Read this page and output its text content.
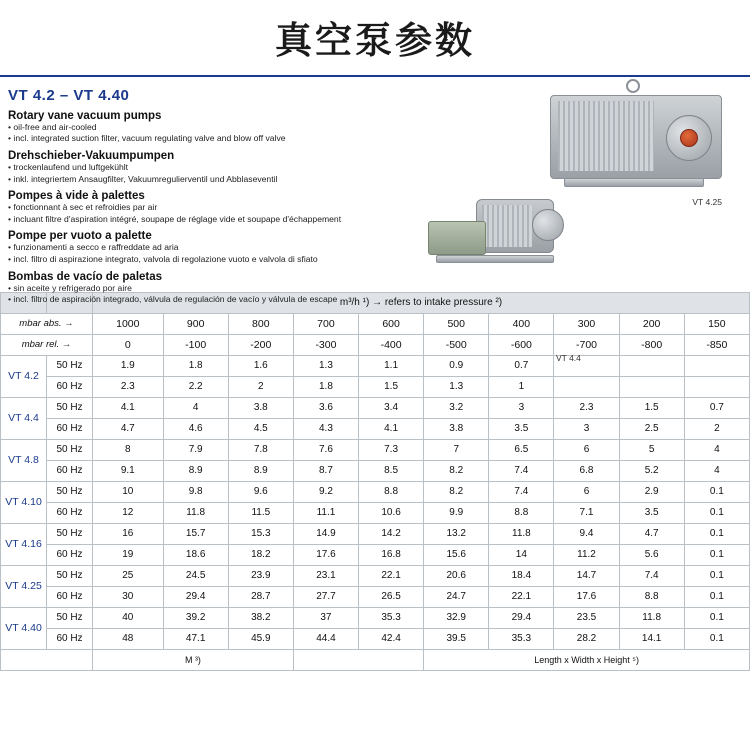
真空泵参数
VT 4.2 – VT 4.40
Rotary vane vacuum pumps
• oil-free and air-cooled
• incl. integrated suction filter, vacuum regulating valve and blow off valve
Drehschieber-Vakuumpumpen
• trockenlaufend und luftgekühlt
• inkl. integriertem Ansaugfilter, Vakuumregulierventil und Abblaseventil
Pompes à vide à palettes
• fonctionnant à sec et refroidies par air
• incluant filtre d'aspiration intégré, soupape de réglage vide et soupape d'échappement
Pompe per vuoto a palette
• funzionamenti a secco e raffreddate ad aria
• incl. filtro di aspirazione integrato, valvola di regolazione vuoto e valvola di sfiato
Bombas de vacío de paletas
• sin aceite y refrigerado por aire
• incl. filtro de aspiración integrado, válvula de regulación de vacío y válvula de escape
VT 4.25
VT 4.4
		m³/h ¹) → refers to intake pressure ²)									
mbar abs. →		1000	900	800	700	600	500	400	300	200	150
mbar rel. →		0	-100	-200	-300	-400	-500	-600	-700	-800	-850
VT 4.2	50 Hz	1.9	1.8	1.6	1.3	1.1	0.9	0.7			
	60 Hz	2.3	2.2	2	1.8	1.5	1.3	1			
VT 4.4	50 Hz	4.1	4	3.8	3.6	3.4	3.2	3	2.3	1.5	0.7
	60 Hz	4.7	4.6	4.5	4.3	4.1	3.8	3.5	3	2.5	2
VT 4.8	50 Hz	8	7.9	7.8	7.6	7.3	7	6.5	6	5	4
	60 Hz	9.1	8.9	8.9	8.7	8.5	8.2	7.4	6.8	5.2	4
VT 4.10	50 Hz	10	9.8	9.6	9.2	8.8	8.2	7.4	6	2.9	0.1
	60 Hz	12	11.8	11.5	11.1	10.6	9.9	8.8	7.1	3.5	0.1
VT 4.16	50 Hz	16	15.7	15.3	14.9	14.2	13.2	11.8	9.4	4.7	0.1
	60 Hz	19	18.6	18.2	17.6	16.8	15.6	14	11.2	5.6	0.1
VT 4.25	50 Hz	25	24.5	23.9	23.1	22.1	20.6	18.4	14.7	7.4	0.1
	60 Hz	30	29.4	28.7	27.7	26.5	24.7	22.1	17.6	8.8	0.1
VT 4.40	50 Hz	40	39.2	38.2	37	35.3	32.9	29.4	23.5	11.8	0.1
	60 Hz	48	47.1	45.9	44.4	42.4	39.5	35.3	28.2	14.1	0.1
		M ³)					Length x Width x Height ⁵)				
